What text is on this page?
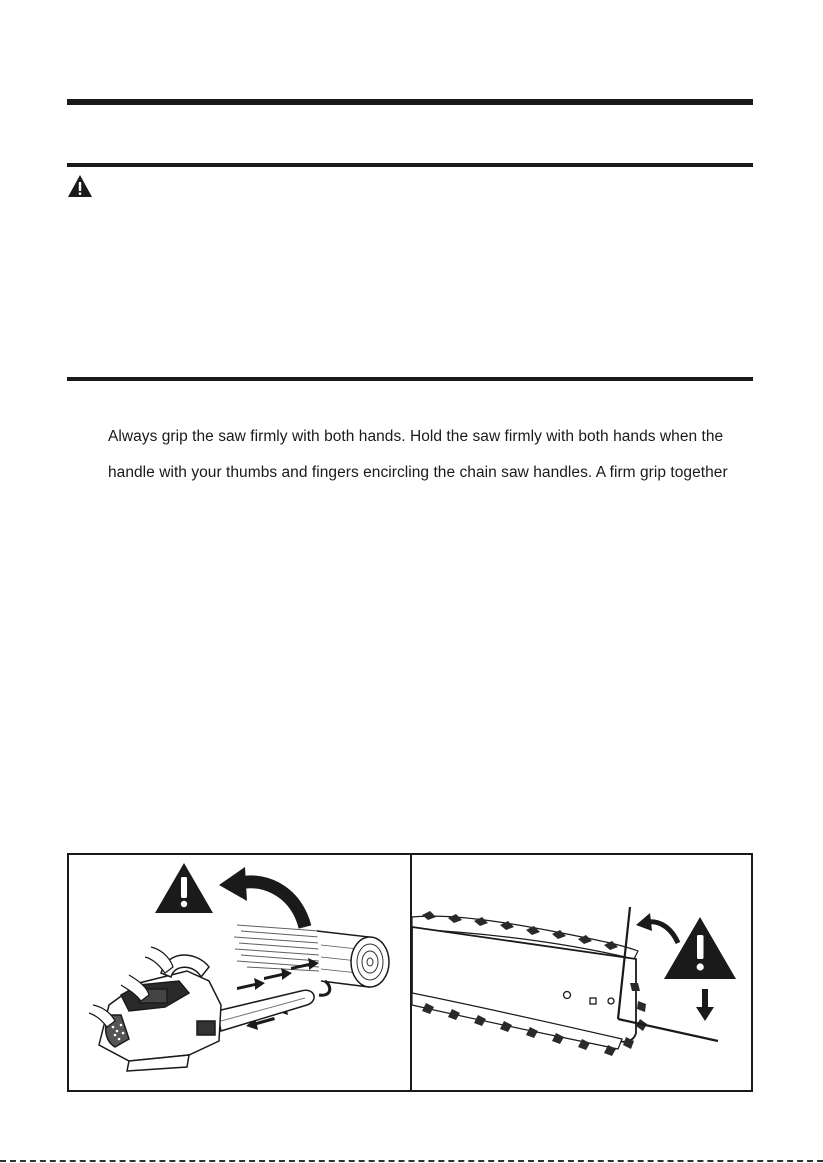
Always grip the saw firmly with both hands. Hold the saw firmly with both hands when the
handle with your thumbs and fingers encircling the chain saw handles. A firm grip together
